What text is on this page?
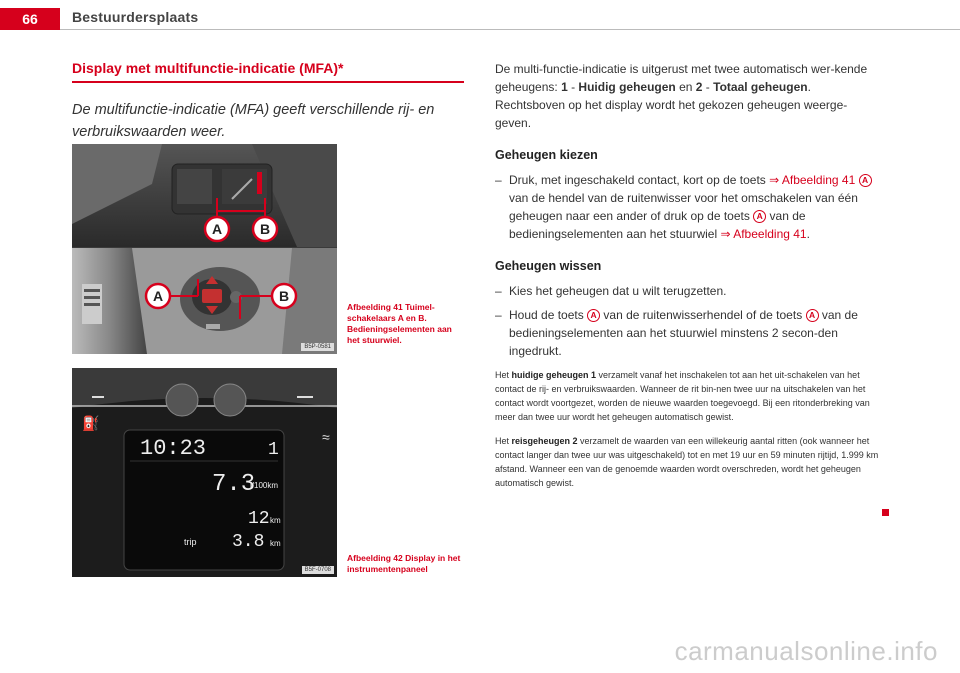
66	Bestuurdersplaats
Display met multifunctie-indicatie (MFA)*
De multifunctie-indicatie (MFA) geeft verschillende rij- en verbruikswaarden weer.
A	B
A	B
B5P-0581
Afbeelding 41 Tuimel-schakelaars A en B. Bedieningselementen aan het stuurwiel.
⛽
≈
10:23	1
7.3
l/100km
12 km
trip 3.8 km
B5F-0708
Afbeelding 42 Display in het instrumentenpaneel

De multi-functie-indicatie is uitgerust met twee automatisch wer-kende geheugens: 1 - Huidig geheugen en 2 - Totaal geheugen. Rechtsboven op het display wordt het gekozen geheugen weerge-geven.

Geheugen kiezen
– Druk, met ingeschakeld contact, kort op de toets ⇒ Afbeelding 41 A van de hendel van de ruitenwisser voor het omschakelen van één geheugen naar een ander of druk op de toets A van de bedieningselementen aan het stuurwiel ⇒ Afbeelding 41.
Geheugen wissen
– Kies het geheugen dat u wilt terugzetten.
– Houd de toets A van de ruitenwisserhendel of de toets A van de bedieningselementen aan het stuurwiel minstens 2 secon-den ingedrukt.

Het huidige geheugen 1 verzamelt vanaf het inschakelen tot aan het uit-schakelen van het contact de rij- en verbruikswaarden. Wanneer de rit bin-nen twee uur na uitschakelen van het contact wordt voortgezet, worden de nieuwe waarden toegevoegd. Bij een ritonderbreking van meer dan twee uur wordt het geheugen automatisch gewist.

Het reisgeheugen 2 verzamelt de waarden van een willekeurig aantal ritten (ook wanneer het contact langer dan twee uur was uitgeschakeld) tot en met 19 uur en 59 minuten rijtijd, 1.999 km afstand. Wanneer een van de genoemde waarden wordt overschreden, wordt het geheugen automatisch gewist.

carmanualsonline.info
